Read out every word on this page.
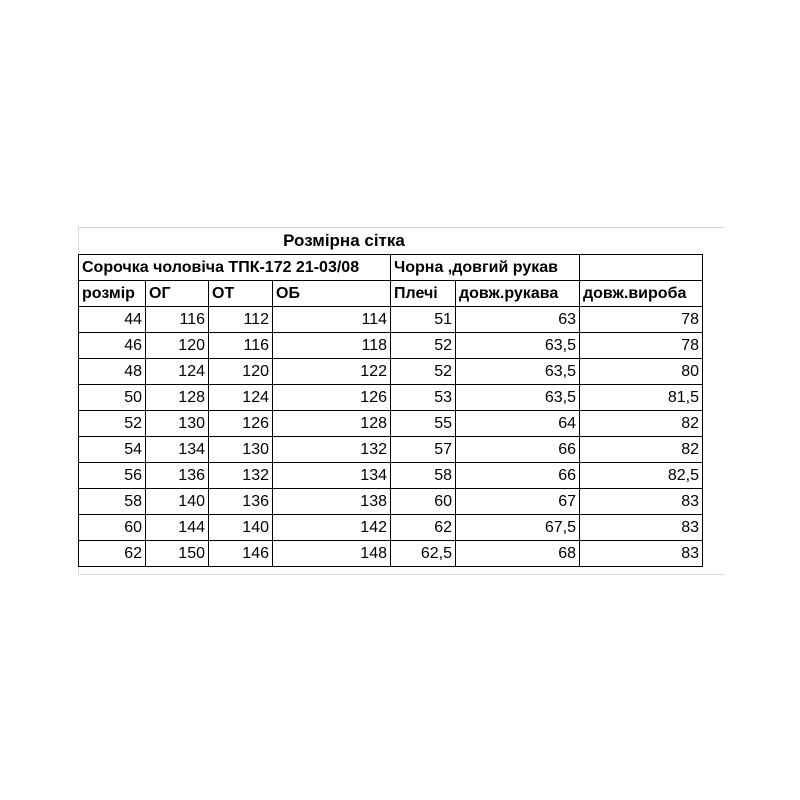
Розмірна сітка
Сорочка чоловіча ТПК-172 21-03/08				Чорна ,довгий рукав		
розмір	ОГ	ОТ	ОБ	Плечі	довж.рукава	довж.вироба
44	116	112	114	51	63	78
46	120	116	118	52	63,5	78
48	124	120	122	52	63,5	80
50	128	124	126	53	63,5	81,5
52	130	126	128	55	64	82
54	134	130	132	57	66	82
56	136	132	134	58	66	82,5
58	140	136	138	60	67	83
60	144	140	142	62	67,5	83
62	150	146	148	62,5	68	83
